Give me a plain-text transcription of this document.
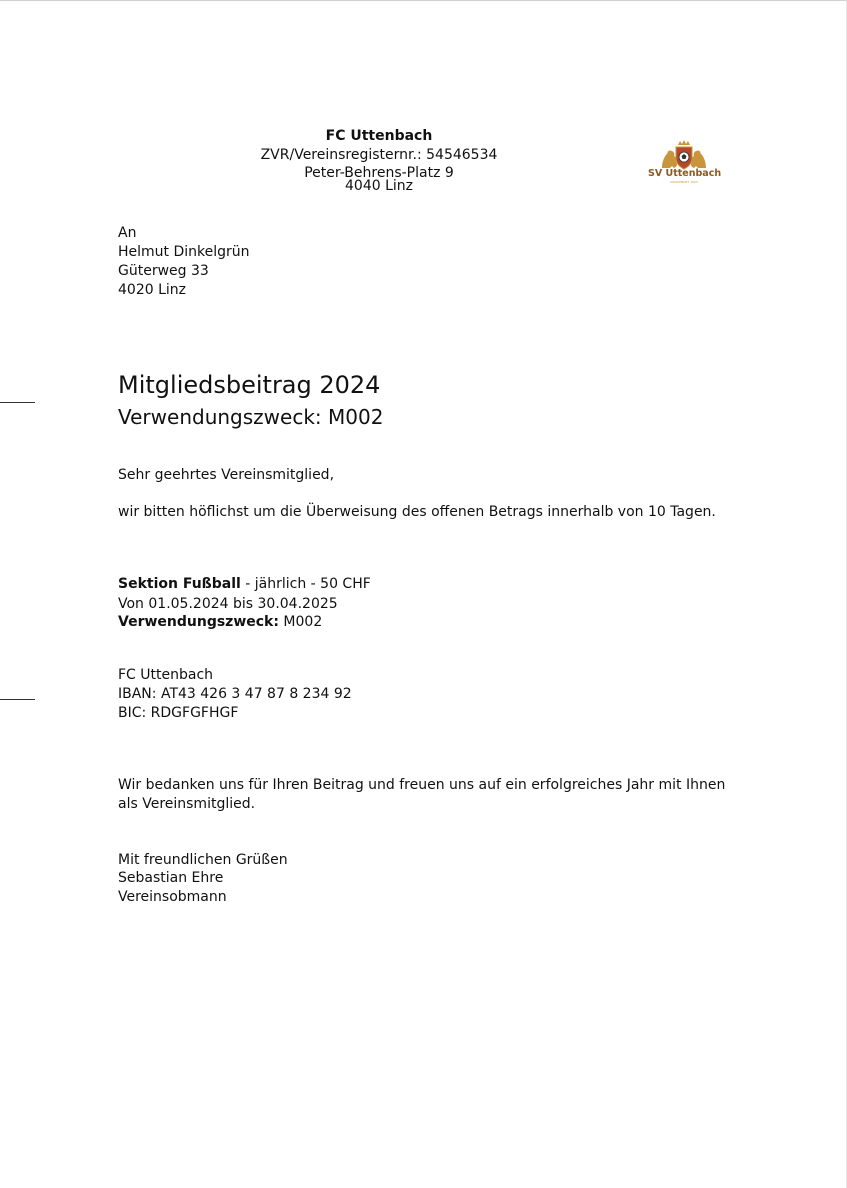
FC Uttenbach
ZVR/Vereinsregisternr.: 54546534
Peter-Behrens-Platz 9
4040 Linz
SV Uttenbach
GEGRÜNDET 1923
An
Helmut Dinkelgrün
Güterweg 33
4020 Linz
Mitgliedsbeitrag 2024
Verwendungszweck: M002
Sehr geehrtes Vereinsmitglied,
wir bitten höflichst um die Überweisung des offenen Betrags innerhalb von 10 Tagen.
Sektion Fußball - jährlich - 50 CHF
Von 01.05.2024 bis 30.04.2025
Verwendungszweck: M002
FC Uttenbach
IBAN: AT43 426 3 47 87 8 234 92
BIC: RDGFGFHGF
Wir bedanken uns für Ihren Beitrag und freuen uns auf ein erfolgreiches Jahr mit Ihnen als Vereinsmitglied.
Mit freundlichen Grüßen
Sebastian Ehre
Vereinsobmann
